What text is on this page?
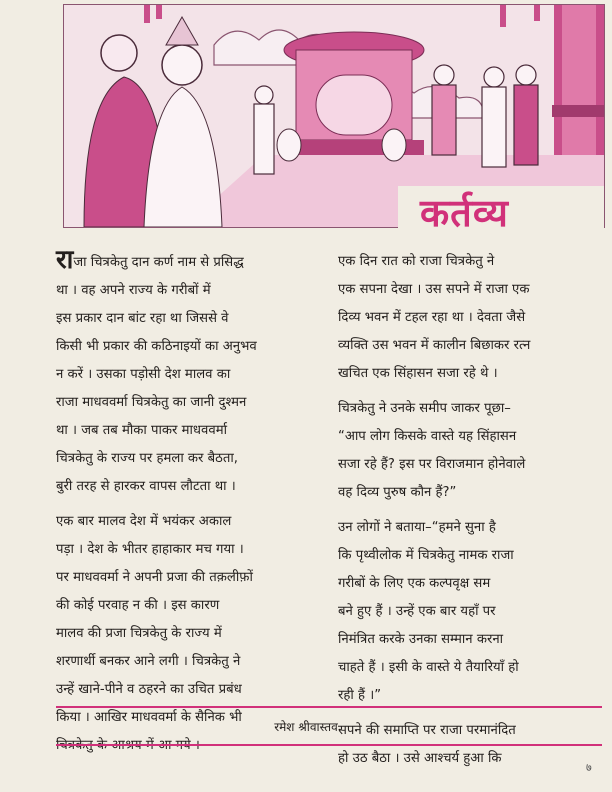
कर्तव्य
राजा चित्रकेतु दान कर्ण नाम से प्रसिद्ध
था । वह अपने राज्य के गरीबों में
इस प्रकार दान बांट रहा था जिससे वे
किसी भी प्रकार की कठिनाइयों का अनुभव
न करें । उसका पड़ोसी देश मालव का
राजा माधववर्मा चित्रकेतु का जानी दुश्मन
था । जब तब मौका पाकर माधववर्मा
चित्रकेतु के राज्य पर हमला कर बैठता,
बुरी तरह से हारकर वापस लौटता था ।
एक बार मालव देश में भयंकर अकाल
पड़ा । देश के भीतर हाहाकार मच गया ।
पर माधववर्मा ने अपनी प्रजा की तक़लीफ़ों
की कोई परवाह न की । इस कारण
मालव की प्रजा चित्रकेतु के राज्य में
शरणार्थी बनकर आने लगी । चित्रकेतु ने
उन्हें खाने-पीने व ठहरने का उचित प्रबंध
किया । आखिर माधववर्मा के सैनिक भी
एक दिन रात को राजा चित्रकेतु ने
एक सपना देखा । उस सपने में राजा एक
दिव्य भवन में टहल रहा था । देवता जैसे
व्यक्ति उस भवन में कालीन बिछाकर रत्न
खचित एक सिंहासन सजा रहे थे ।
चित्रकेतु ने उनके समीप जाकर पूछा–
“आप लोग किसके वास्ते यह सिंहासन
सजा रहे हैं? इस पर विराजमान होनेवाले
वह दिव्य पुरुष कौन हैं?”
उन लोगों ने बताया–“हमने सुना है
कि पृथ्वीलोक में चित्रकेतु नामक राजा
गरीबों के लिए एक कल्पवृक्ष सम
बने हुए हैं । उन्हें एक बार यहाँ पर
निमंत्रित करके उनका सम्मान करना
चाहते हैं । इसी के वास्ते ये तैयारियाँ हो
रही हैं ।”
सपने की समाप्ति पर राजा परमानंदित
हो उठ बैठा । उसे आश्चर्य हुआ कि
रमेश श्रीवास्तव
७
